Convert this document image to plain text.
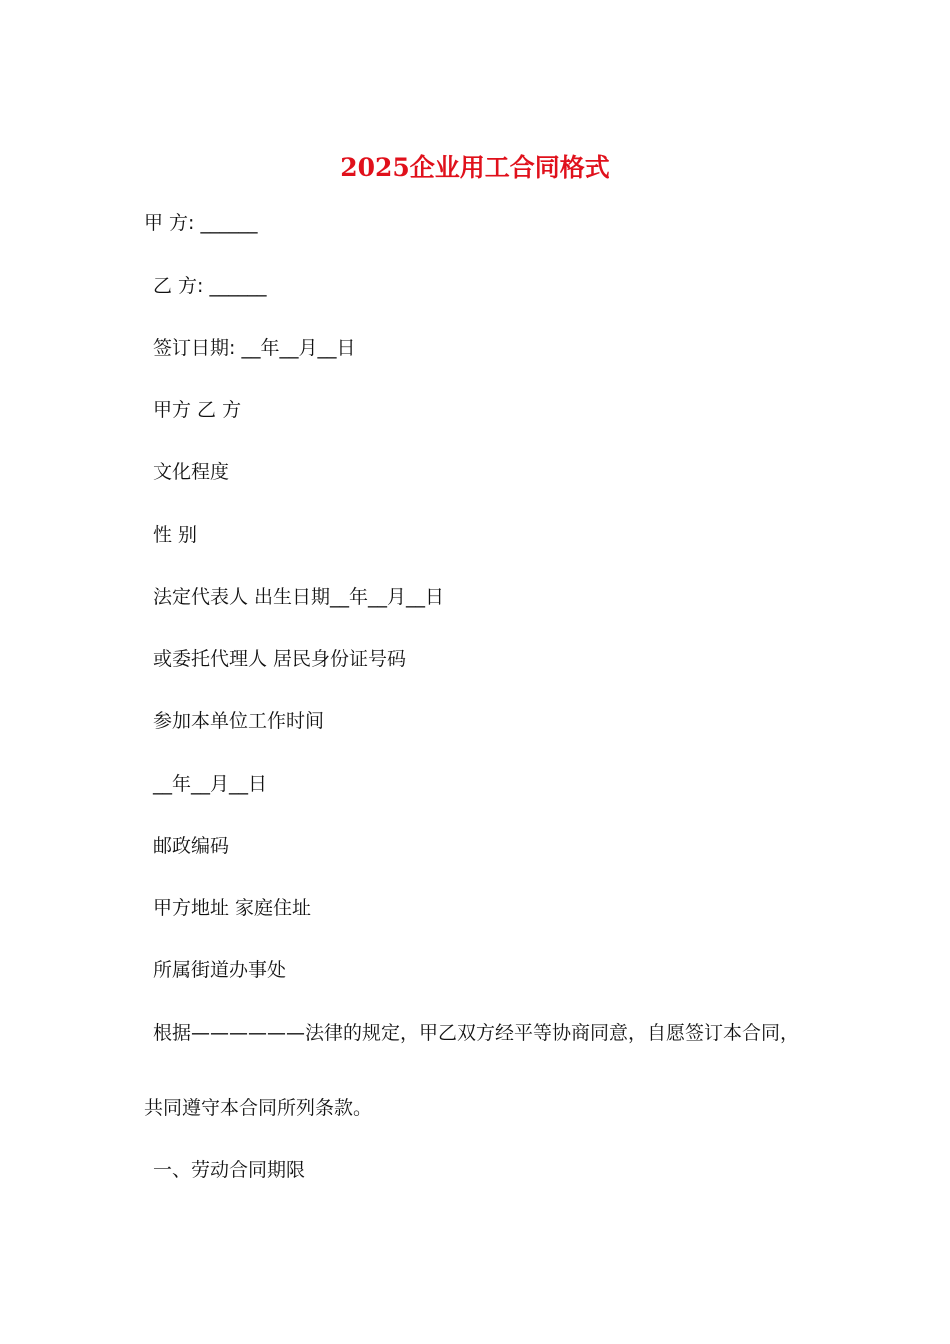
2025企业用工合同格式
甲 方: ______
乙 方: ______
签订日期: __年__月__日
甲方 乙 方
文化程度
性 别
法定代表人 出生日期__年__月__日
或委托代理人 居民身份证号码
参加本单位工作时间
__年__月__日
邮政编码
甲方地址 家庭住址
所属街道办事处
根据——————法律的规定，甲乙双方经平等协商同意，自愿签订本合同，
共同遵守本合同所列条款。
一、劳动合同期限
